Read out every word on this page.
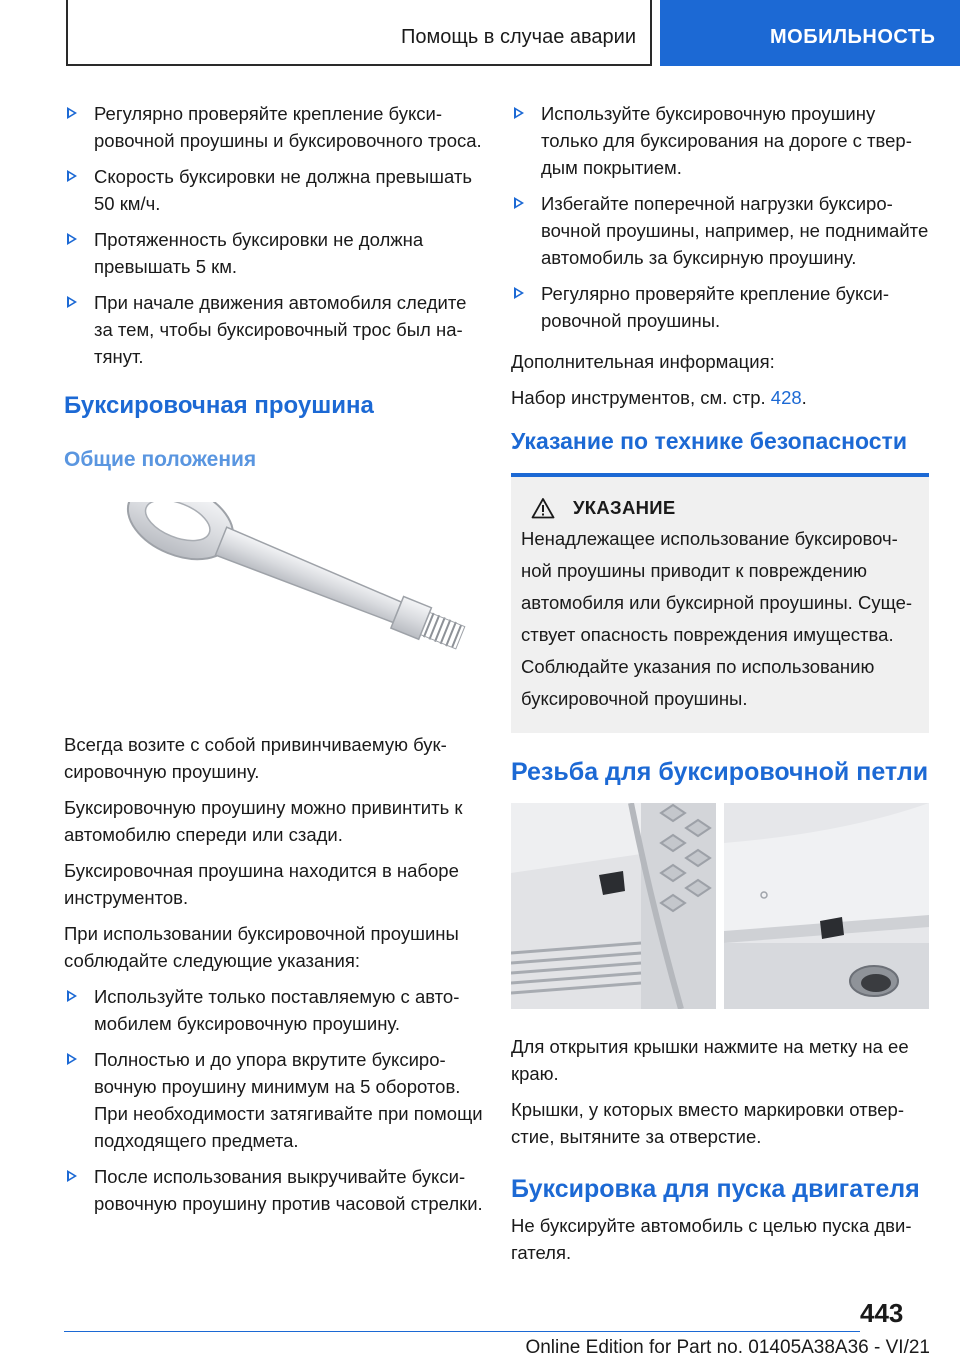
Помощь в случае аварии	МОБИЛЬНОСТЬ
Регулярно проверяйте крепление буксировочной проушины и буксировочного троса.
Скорость буксировки не должна превышать 50 км/ч.
Протяженность буксировки не должна превышать 5 км.
При начале движения автомобиля следите за тем, чтобы буксировочный трос был натянут.
Буксировочная проушина
Общие положения

Всегда возите с собой привинчиваемую буксировочную проушину.

Буксировочную проушину можно привинтить к автомобилю спереди или сзади.

Буксировочная проушина находится в наборе инструментов.

При использовании буксировочной проушины соблюдайте следующие указания:

Используйте только поставляемую с автомобилем буксировочную проушину.
Полностью и до упора вкрутите буксировочную проушину минимум на 5 оборотов. При необходимости затягивайте при помощи подходящего предмета.
После использования выкручивайте буксировочную проушину против часовой стрелки.
Используйте буксировочную проушину только для буксирования на дороге с твердым покрытием.
Избегайте поперечной нагрузки буксировочной проушины, например, не поднимайте автомобиль за буксирную проушину.
Регулярно проверяйте крепление буксировочной проушины.

Дополнительная информация:

Набор инструментов, см. стр. 428.

Указание по технике безопасности
УКАЗАНИЕ

Ненадлежащее использование буксировочной проушины приводит к повреждению автомобиля или буксирной проушины. Существует опасность повреждения имущества. Соблюдайте указания по использованию буксировочной проушины.

Резьба для буксировочной петли

Для открытия крышки нажмите на метку на ее краю.

Крышки, у которых вместо маркировки отверстие, вытяните за отверстие.

Буксировка для пуска двигателя

Не буксируйте автомобиль с целью пуска двигателя.

443
Online Edition for Part no. 01405A38A36 - VI/21
